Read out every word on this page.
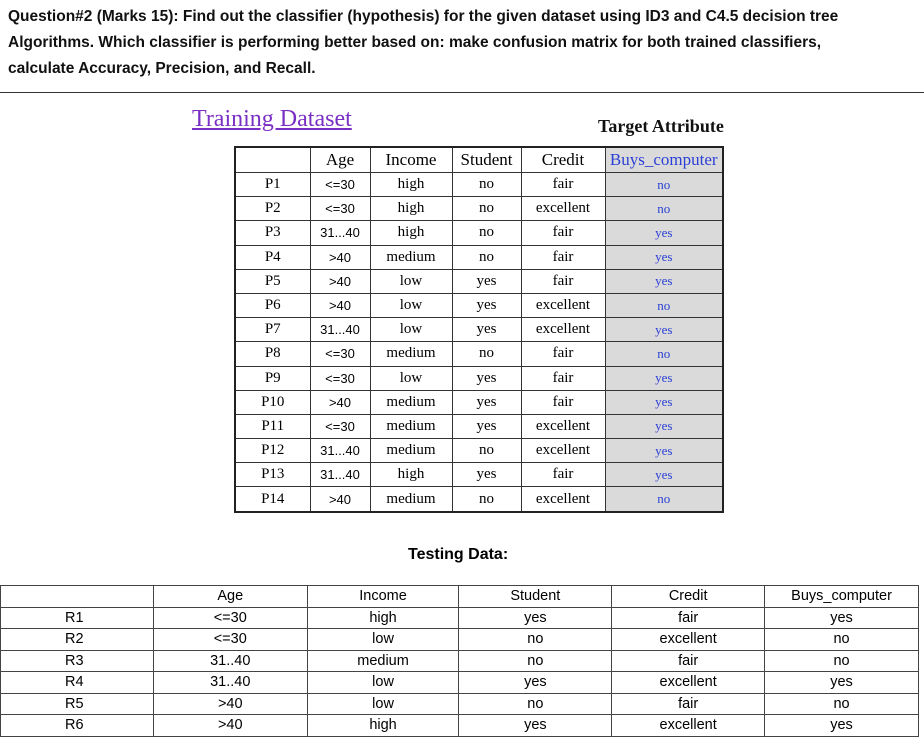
Question#2 (Marks 15): Find out the classifier (hypothesis) for the given dataset using ID3 and C4.5 decision tree
Algorithms. Which classifier is performing better based on: make confusion matrix for both trained classifiers,
calculate Accuracy, Precision, and Recall.
Training Dataset	Target Attribute
	Age	Income	Student	Credit	Buys_computer
P1	<=30	high	no	fair	no
P2	<=30	high	no	excellent	no
P3	31...40	high	no	fair	yes
P4	>40	medium	no	fair	yes
P5	>40	low	yes	fair	yes
P6	>40	low	yes	excellent	no
P7	31...40	low	yes	excellent	yes
P8	<=30	medium	no	fair	no
P9	<=30	low	yes	fair	yes
P10	>40	medium	yes	fair	yes
P11	<=30	medium	yes	excellent	yes
P12	31...40	medium	no	excellent	yes
P13	31...40	high	yes	fair	yes
P14	>40	medium	no	excellent	no
Testing Data:
	Age	Income	Student	Credit	Buys_computer
R1	<=30	high	yes	fair	yes
R2	<=30	low	no	excellent	no
R3	31..40	medium	no	fair	no
R4	31..40	low	yes	excellent	yes
R5	>40	low	no	fair	no
R6	>40	high	yes	excellent	yes
